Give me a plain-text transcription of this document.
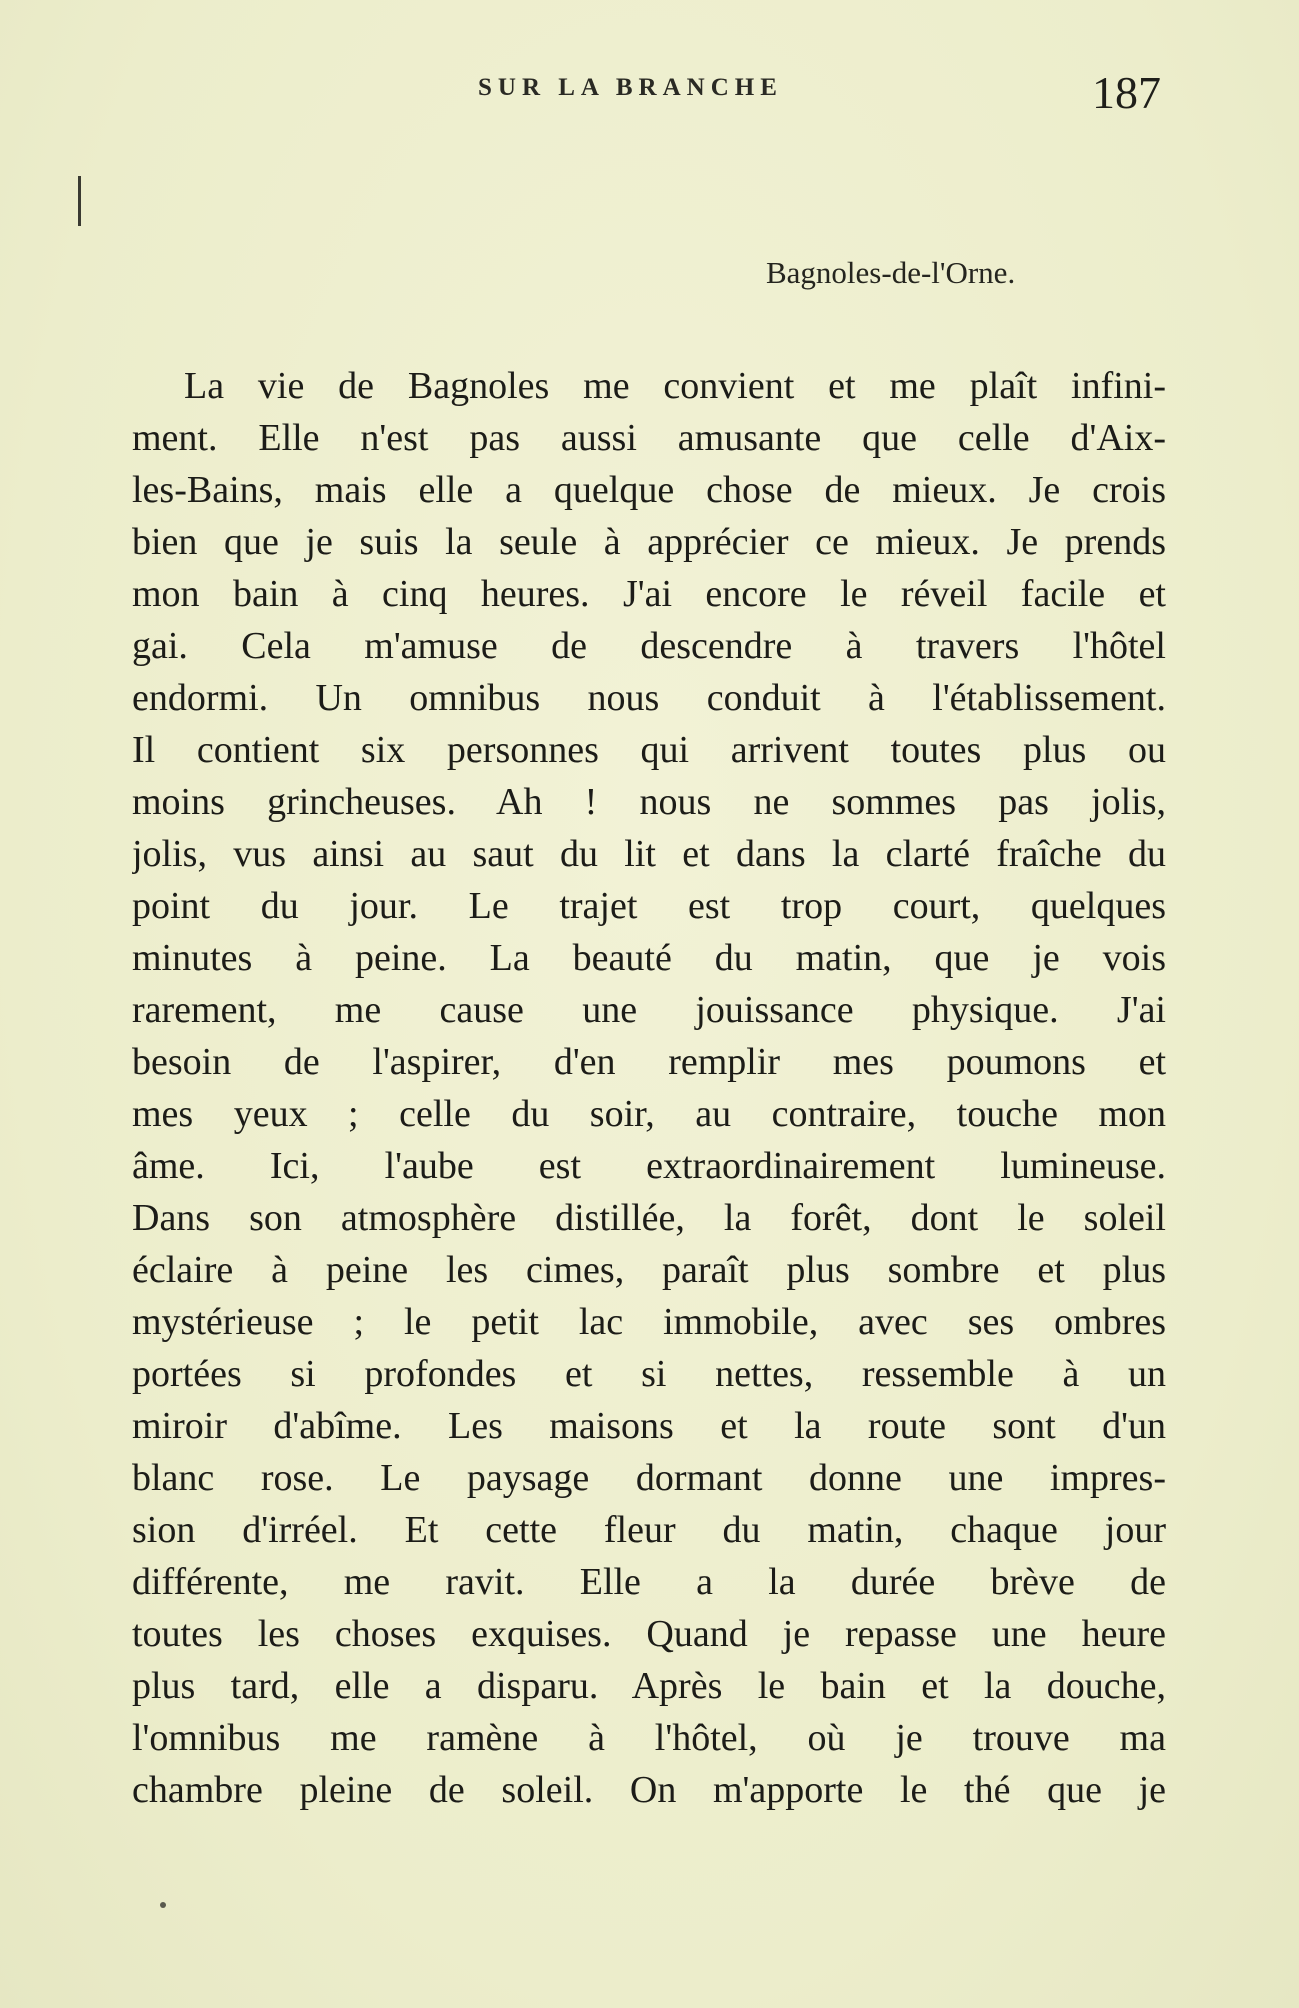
SUR LA BRANCHE	187
Bagnoles-de-l'Orne.
La vie de Bagnoles me convient et me plaît infini-
ment. Elle n'est pas aussi amusante que celle d'Aix-
les-Bains, mais elle a quelque chose de mieux. Je crois
bien que je suis la seule à apprécier ce mieux. Je prends
mon bain à cinq heures. J'ai encore le réveil facile et
gai. Cela m'amuse de descendre à travers l'hôtel
endormi. Un omnibus nous conduit à l'établissement.
Il contient six personnes qui arrivent toutes plus ou
moins grincheuses. Ah ! nous ne sommes pas jolis,
jolis, vus ainsi au saut du lit et dans la clarté fraîche du
point du jour. Le trajet est trop court, quelques
minutes à peine. La beauté du matin, que je vois
rarement, me cause une jouissance physique. J'ai
besoin de l'aspirer, d'en remplir mes poumons et
mes yeux ; celle du soir, au contraire, touche mon
âme. Ici, l'aube est extraordinairement lumineuse.
Dans son atmosphère distillée, la forêt, dont le soleil
éclaire à peine les cimes, paraît plus sombre et plus
mystérieuse ; le petit lac immobile, avec ses ombres
portées si profondes et si nettes, ressemble à un
miroir d'abîme. Les maisons et la route sont d'un
blanc rose. Le paysage dormant donne une impres-
sion d'irréel. Et cette fleur du matin, chaque jour
différente, me ravit. Elle a la durée brève de
toutes les choses exquises. Quand je repasse une heure
plus tard, elle a disparu. Après le bain et la douche,
l'omnibus me ramène à l'hôtel, où je trouve ma
chambre pleine de soleil. On m'apporte le thé que je
